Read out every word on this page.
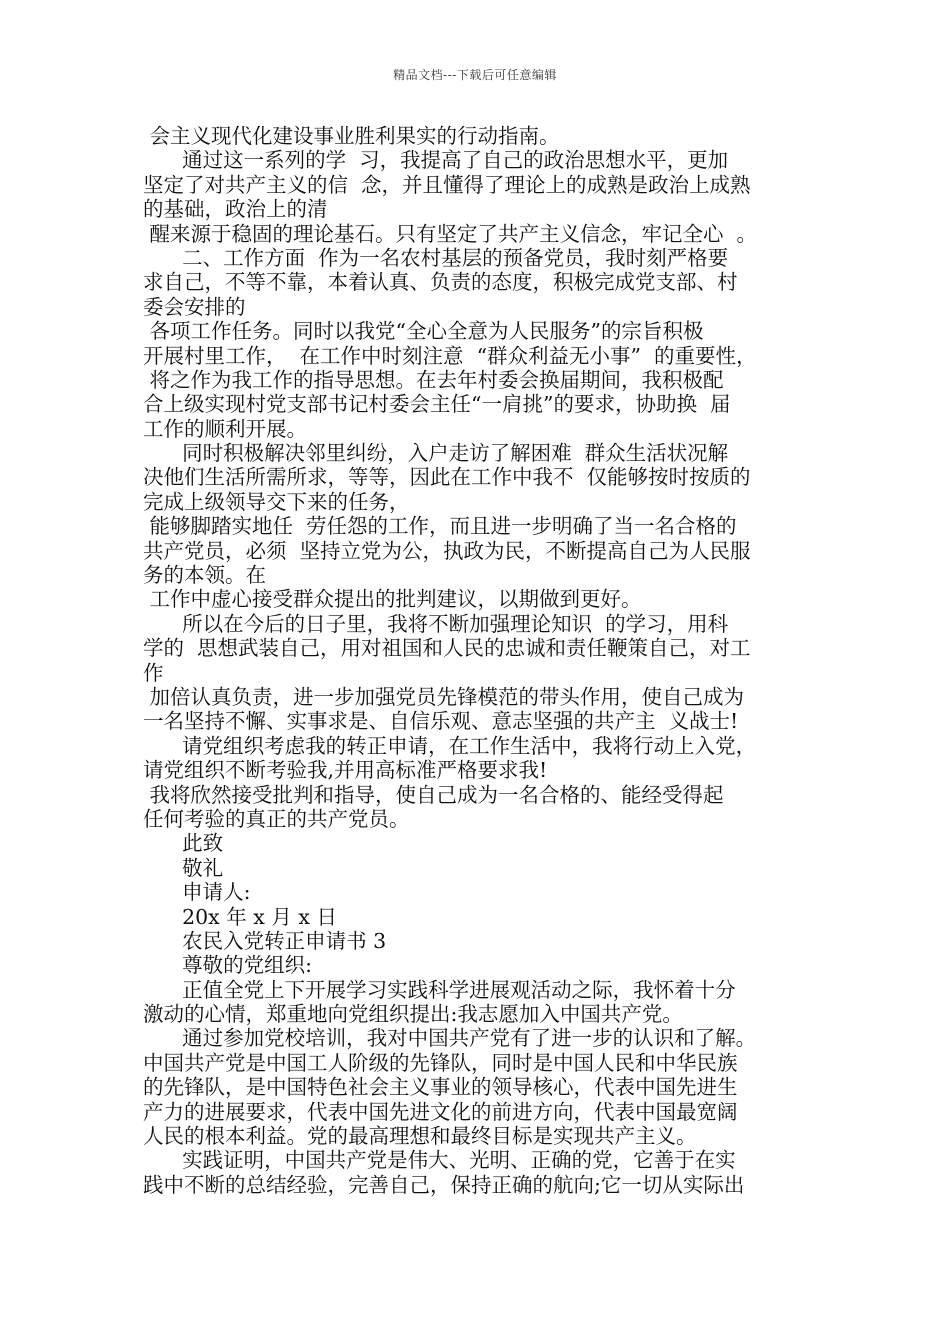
精品文档---下载后可任意编辑
会主义现代化建设事业胜利果实的行动指南。
通过这一系列的学  习，我提高了自己的政治思想水平，更加
坚定了对共产主义的信  念，并且懂得了理论上的成熟是政治上成熟
的基础，政治上的清
醒来源于稳固的理论基石。只有坚定了共产主义信念，牢记全心  。
二、工作方面  作为一名农村基层的预备党员，我时刻严格要
求自己，不等不靠，本着认真、负责的态度，积极完成党支部、村
委会安排的
各项工作任务。同时以我党“全心全意为人民服务”的宗旨积极
开展村里工作，  在工作中时刻注意  “群众利益无小事”  的重要性，
将之作为我工作的指导思想。在去年村委会换届期间，我积极配
合上级实现村党支部书记村委会主任“一肩挑”的要求，协助换  届
工作的顺利开展。
同时积极解决邻里纠纷，入户走访了解困难  群众生活状况解
决他们生活所需所求，等等，因此在工作中我不  仅能够按时按质的
完成上级领导交下来的任务，
能够脚踏实地任  劳任怨的工作，而且进一步明确了当一名合格的
共产党员，必须  坚持立党为公，执政为民，不断提高自己为人民服
务的本领。在
工作中虚心接受群众提出的批判建议，以期做到更好。
所以在今后的日子里，我将不断加强理论知识  的学习，用科
学的  思想武装自己，用对祖国和人民的忠诚和责任鞭策自己，对工
作
加倍认真负责，进一步加强党员先锋模范的带头作用，使自己成为
一名坚持不懈、实事求是、自信乐观、意志坚强的共产主  义战士!
请党组织考虑我的转正申请，在工作生活中，我将行动上入党，
请党组织不断考验我,并用高标准严格要求我!
我将欣然接受批判和指导，使自己成为一名合格的、能经受得起
任何考验的真正的共产党员。
此致
敬礼
申请人:
20x 年 x 月 x 日
农民入党转正申请书 3
尊敬的党组织:
正值全党上下开展学习实践科学进展观活动之际，我怀着十分
激动的心情，郑重地向党组织提出:我志愿加入中国共产党。
通过参加党校培训，我对中国共产党有了进一步的认识和了解。
中国共产党是中国工人阶级的先锋队，同时是中国人民和中华民族
的先锋队，是中国特色社会主义事业的领导核心，代表中国先进生
产力的进展要求，代表中国先进文化的前进方向，代表中国最宽阔
人民的根本利益。党的最高理想和最终目标是实现共产主义。
实践证明，中国共产党是伟大、光明、正确的党，它善于在实
践中不断的总结经验，完善自己，保持正确的航向;它一切从实际出
